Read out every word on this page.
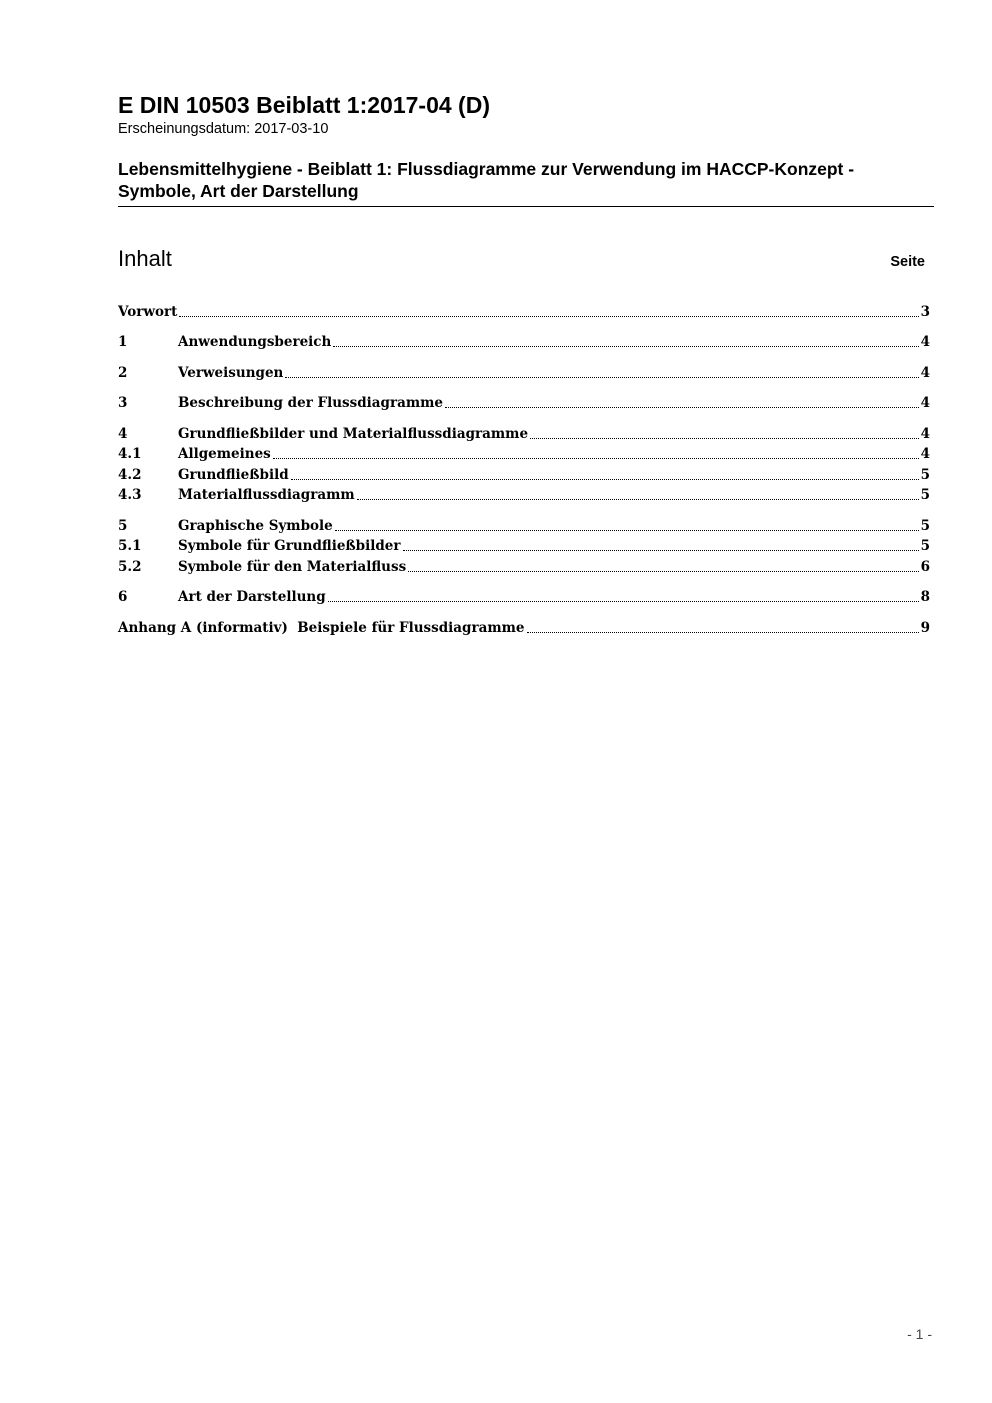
E DIN 10503 Beiblatt 1:2017-04 (D)
Erscheinungsdatum: 2017-03-10
Lebensmittelhygiene - Beiblatt 1: Flussdiagramme zur Verwendung im HACCP-Konzept - Symbole, Art der Darstellung
Inhalt	Seite
Vorwort	3
1	Anwendungsbereich	4
2	Verweisungen	4
3	Beschreibung der Flussdiagramme	4
4	Grundfließbilder und Materialflussdiagramme	4
4.1	Allgemeines	4
4.2	Grundfließbild	5
4.3	Materialflussdiagramm	5
5	Graphische Symbole	5
5.1	Symbole für Grundfließbilder	5
5.2	Symbole für den Materialfluss	6
6	Art der Darstellung	8
Anhang A (informativ)  Beispiele für Flussdiagramme	9
- 1 -
